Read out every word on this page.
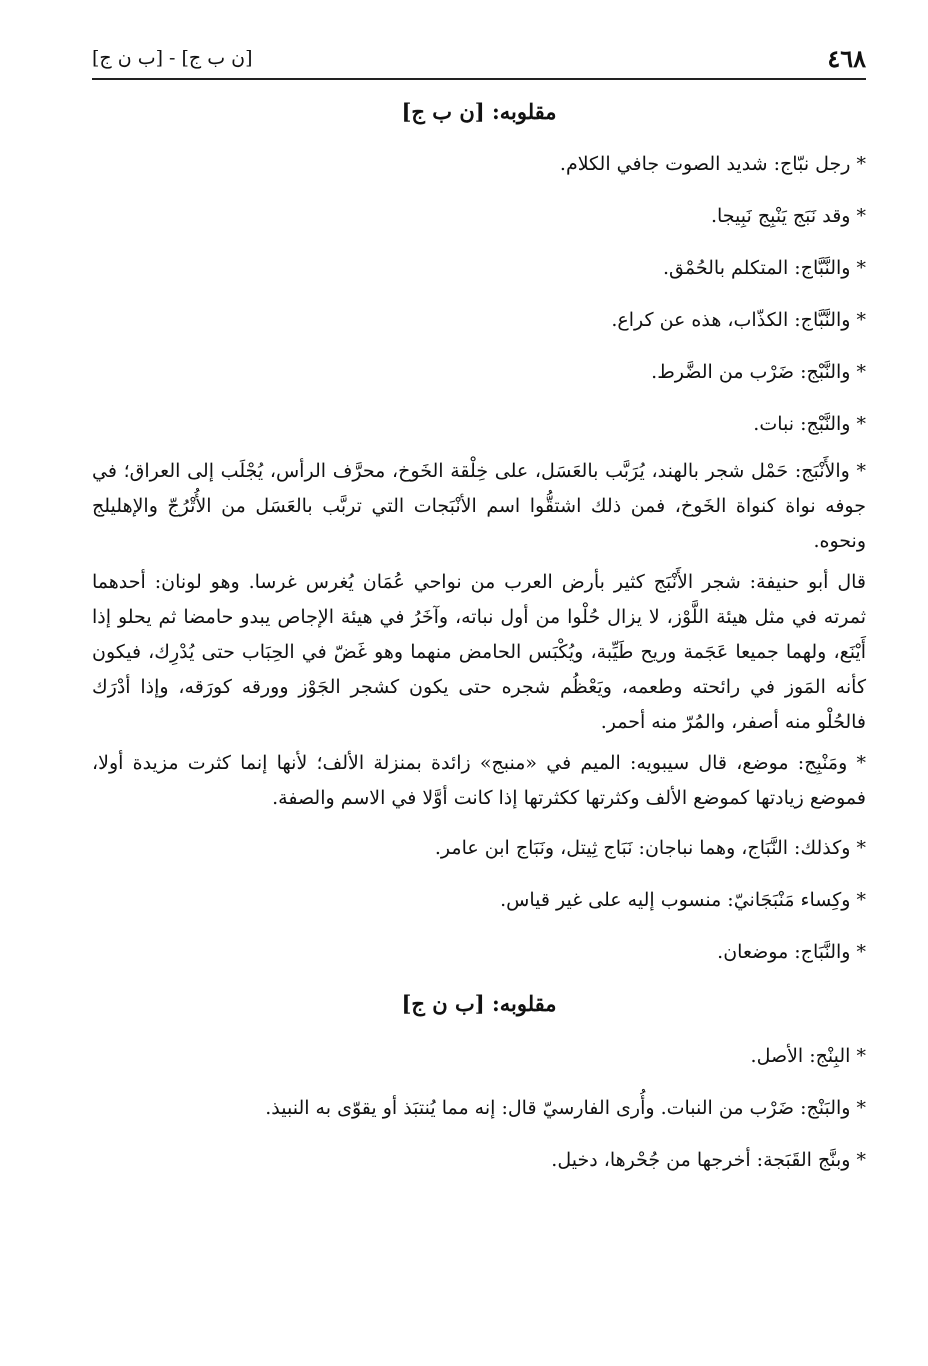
٤٦٨
[ن ب ج] - [ب ن ج]
مقلوبه: [ن ب ج]
* رجل نبّاج: شديد الصوت جافي الكلام.
* وقد نَبَج يَنْبِج نَبِيجا.
* والنَّبَّاج: المتكلم بالحُمْق.
* والنَّبَّاج: الكذّاب، هذه عن كراع.
* والنَّبْج: ضَرْب من الضَّرط.
* والنَّبْج: نبات.

* والأَنْبَج: حَمْل شجر بالهند، يُرَبَّب بالعَسَل، على خِلْقة الخَوخ، محرَّف الرأس، يُجْلَب إلى العراق؛ في جوفه نواة كنواة الخَوخ، فمن ذلك اشتقُّوا اسم الأنْبَجات التي تربَّب بالعَسَل من الأُتْرُجّ والإهليلج ونحوه.

قال أبو حنيفة: شجر الأَنْبَج كثير بأرض العرب من نواحي عُمَان يُغرس غرسا. وهو لونان: أحدهما ثمرته في مثل هيئة اللَّوْز، لا يزال حُلْوا من أول نباته، وآخَرُ في هيئة الإجاص يبدو حامضا ثم يحلو إذا أَيْنَع، ولهما جميعا عَجَمة وريح طَيِّبة، ويُكْبَس الحامض منهما وهو غَضّ في الحِبَاب حتى يُدْرِك، فيكون كأنه المَوز في رائحته وطعمه، ويَعْظُم شجره حتى يكون كشجر الجَوْز وورقه كورَقه، وإذا أدْرَك فالحُلْو منه أصفر، والمُرّ منه أحمر.

* ومَنْبِج: موضع، قال سيبويه: الميم في «منبج» زائدة بمنزلة الألف؛ لأنها إنما كثرت مزيدة أولا، فموضع زيادتها كموضع الألف وكثرتها ككثرتها إذا كانت أوَّلا في الاسم والصفة.

* وكذلك: النَّبَاج، وهما نباجان: نَبَاج ثِيتل، ونَبَاج ابن عامر.
* وكِساء مَنْبَجَانيّ: منسوب إليه على غير قياس.
* والنَّبَاج: موضعان.
مقلوبه: [ب ن ج]
* البِنْج: الأصل.
* والبَنْج: ضَرْب من النبات. وأُرى الفارسيّ قال: إنه مما يُنتبَذ أو يقوّى به النبيذ.
* وبنَّج القَبَجة: أخرجها من جُحْرها، دخيل.
